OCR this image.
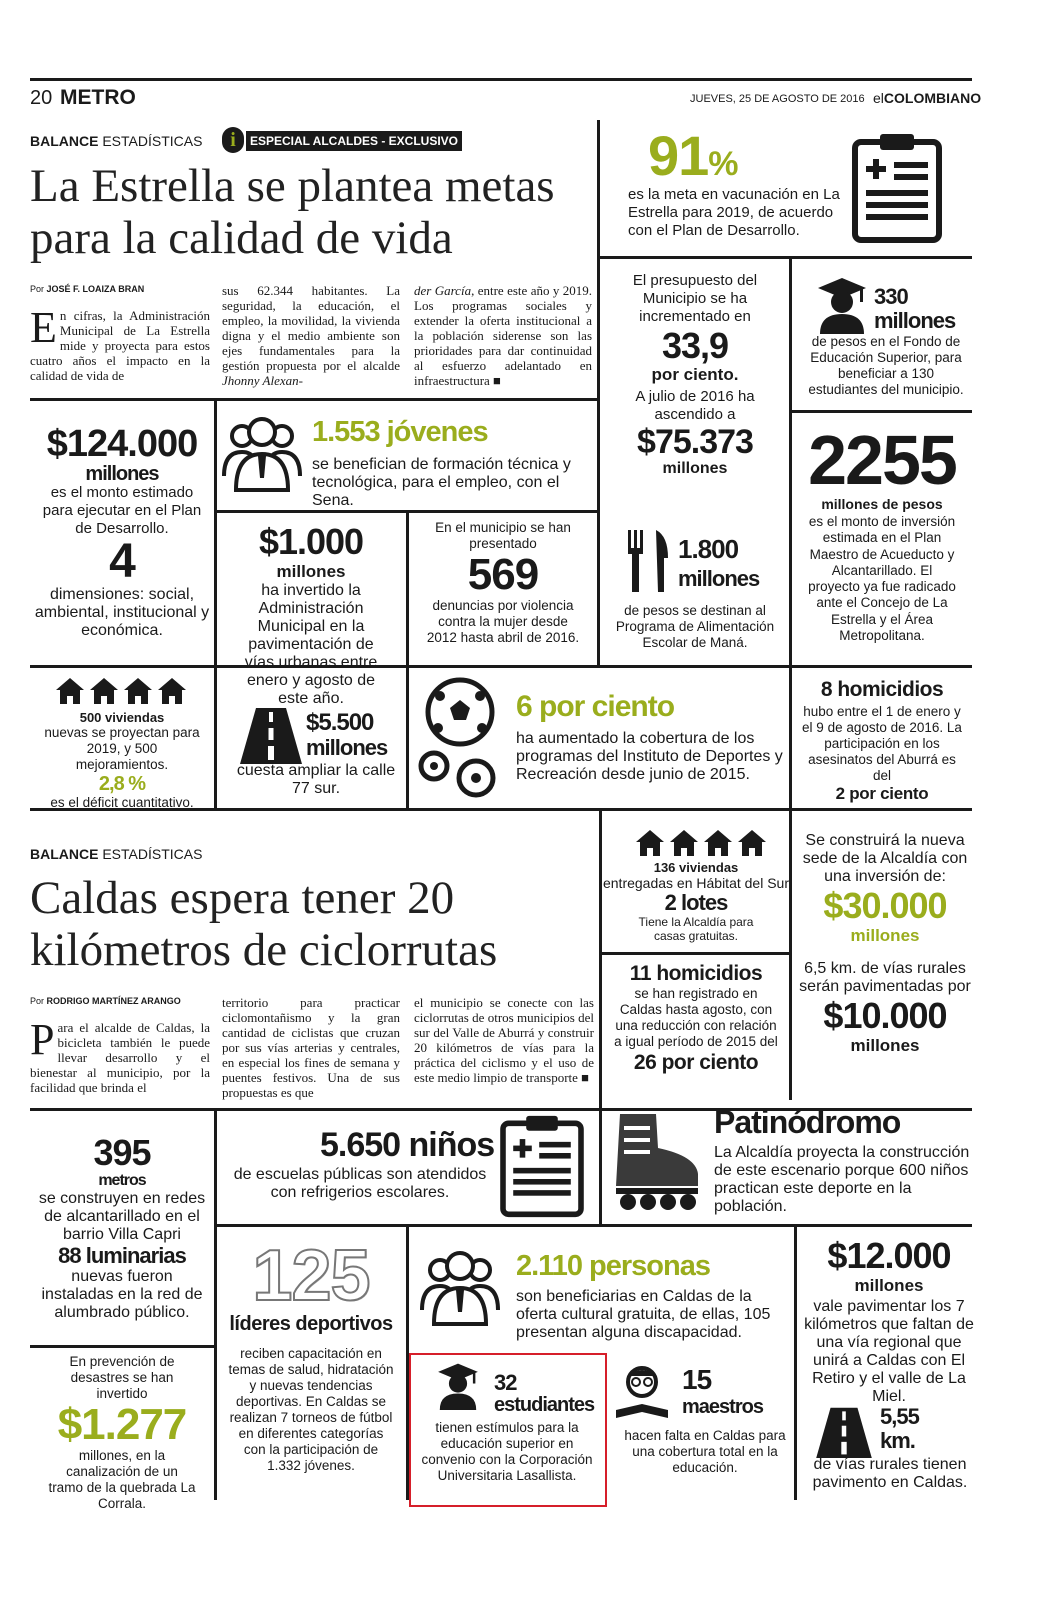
20 METRO	JUEVES, 25 DE AGOSTO DE 2016 elCOLOMBIANO
BALANCE ESTADÍSTICAS	i	ESPECIAL ALCALDES - EXCLUSIVO
La Estrella se plantea metas
para la calidad de vida
Por JOSÉ F. LOAIZA BRAN
E n cifras, la Administración Municipal de La Estrella mide y proyecta para estos cuatro años el impacto en la calidad de vida de
sus 62.344 habitantes. La seguridad, la educación, el empleo, la movilidad, la vivienda digna y el medio ambiente son ejes fundamentales para la gestión propuesta por el alcalde Jhonny Alexan-
der García, entre este año y 2019. Los programas sociales y extender la oferta institucional a la población siderense son las prioridades para dar continuidad al esfuerzo adelantado en infraestructura ■
91%
es la meta en vacunación en La Estrella para 2019, de acuerdo con el Plan de Desarrollo.
El presupuesto del Municipio se ha incrementado en
33,9
por ciento.
A julio de 2016 ha ascendido a
$75.373
millones
330
millones
de pesos en el Fondo de Educación Superior, para beneficiar a 130 estudiantes del municipio.
$124.000
millones
es el monto estimado para ejecutar en el Plan de Desarrollo.
4
dimensiones: social, ambiental, institucional y económica.
1.553 jóvenes
se benefician de formación técnica y tecnológica, para el empleo, con el Sena.
2255
millones de pesos
es el monto de inversión estimada en el Plan Maestro de Acueducto y Alcantarillado. El proyecto ya fue radicado ante el Concejo de La Estrella y el Área Metropolitana.
$1.000
millones
ha invertido la Administración Municipal en la pavimentación de vías urbanas entre enero y agosto de este año.
En el municipio se han presentado
569
denuncias por violencia contra la mujer desde 2012 hasta abril de 2016.
1.800
millones
de pesos se destinan al Programa de Alimentación Escolar de Maná.
500 viviendas
nuevas se proyectan para 2019, y 500 mejoramientos.
2,8 %
es el déficit cuantitativo.
$5.500
millones
cuesta ampliar la calle 77 sur.
6 por ciento
ha aumentado la cobertura de los programas del Instituto de Deportes y Recreación desde junio de 2015.
8 homicidios
hubo entre el 1 de enero y el 9 de agosto de 2016. La participación en los asesinatos del Aburrá es del
2 por ciento
BALANCE ESTADÍSTICAS
Caldas espera tener 20
kilómetros de ciclorrutas
Por RODRIGO MARTÍNEZ ARANGO
P ara el alcalde de Caldas, la bicicleta también le puede llevar desarrollo y el bienestar al municipio, por la facilidad que brinda el
territorio para practicar ciclomontañismo y la gran cantidad de ciclistas que cruzan por sus vías arterias y centrales, en especial los fines de semana y puentes festivos. Una de sus propuestas es que
el municipio se conecte con las ciclorrutas de otros municipios del sur del Valle de Aburrá y construir 20 kilómetros de vías para la práctica del ciclismo y el uso de este medio limpio de transporte ■
136 viviendas
entregadas en Hábitat del Sur
2 lotes
Tiene la Alcaldía para casas gratuitas.
Se construirá la nueva sede de la Alcaldía con una inversión de:
$30.000
millones
6,5 km. de vías rurales serán pavimentadas por
$10.000
millones
11 homicidios
se han registrado en Caldas hasta agosto, con una reducción con relación a igual período de 2015 del
26 por ciento
395
metros
se construyen en redes de alcantarillado en el barrio Villa Capri
88 luminarias
nuevas fueron instaladas en la red de alumbrado público.
5.650 niños
de escuelas públicas son atendidos con refrigerios escolares.
Patinódromo
La Alcaldía proyecta la construcción de este escenario porque 600 niños practican este deporte en la población.
125
líderes deportivos
reciben capacitación en temas de salud, hidratación y nuevas tendencias deportivas. En Caldas se realizan 7 torneos de fútbol en diferentes categorías con la participación de 1.332 jóvenes.
2.110 personas
son beneficiarias en Caldas de la oferta cultural gratuita, de ellas, 105 presentan alguna discapacidad.
$12.000
millones
vale pavimentar los 7 kilómetros que faltan de una vía regional que unirá a Caldas con El Retiro y el valle de La Miel.
5,55
km.
de vías rurales tienen pavimento en Caldas.
En prevención de desastres se han invertido
$1.277
millones, en la canalización de un tramo de la quebrada La Corrala.
32
estudiantes
tienen estímulos para la educación superior en convenio con la Corporación Universitaria Lasallista.
15
maestros
hacen falta en Caldas para una cobertura total en la educación.
